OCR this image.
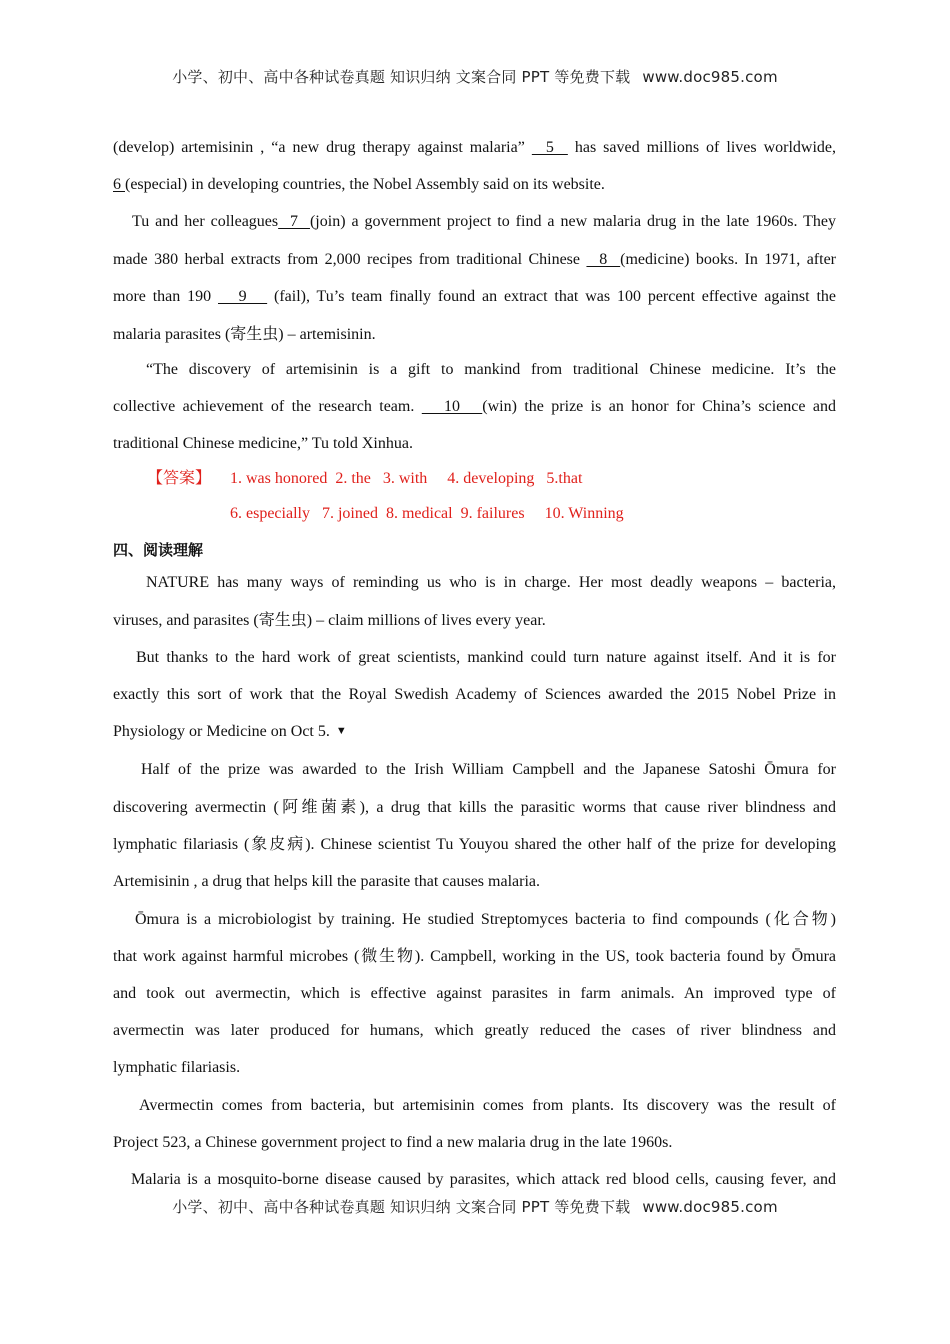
小学、初中、高中各种试卷真题 知识归纳 文案合同 PPT 等免费下载 www.doc985.com
(develop) artemisinin , “a new drug therapy against malaria”   5   has saved millions of lives worldwide,
6 (especial) in developing countries, the Nobel Assembly said on its website.
Tu and her colleagues  7  (join) a government project to find a new malaria drug in the late 1960s. They
made 380 herbal extracts from 2,000 recipes from traditional Chinese   8  (medicine) books. In 1971, after
more than 190    9    (fail), Tu’s team finally found an extract that was 100 percent effective against the
malaria parasites (寄生虫) – artemisinin.
“The discovery of artemisinin is a gift to mankind from traditional Chinese medicine. It’s the
collective achievement of the research team.    10   (win) the prize is an honor for China’s science and
traditional Chinese medicine,” Tu told Xinhua.
【答案】 1. was honored  2. the   3. with     4. developing   5.that
6. especially   7. joined  8. medical  9. failures     10. Winning
四、阅读理解
NATURE has many ways of reminding us who is in charge. Her most deadly weapons – bacteria,
viruses, and parasites (寄生虫) – claim millions of lives every year.
But thanks to the hard work of great scientists, mankind could turn nature against itself. And it is for
exactly this sort of work that the Royal Swedish Academy of Sciences awarded the 2015 Nobel Prize in
Physiology or Medicine on Oct 5. ▼
Half of the prize was awarded to the Irish William Campbell and the Japanese Satoshi Ōmura for
discovering avermectin (阿维菌素), a drug that kills the parasitic worms that cause river blindness and
lymphatic filariasis (象皮病). Chinese scientist Tu Youyou shared the other half of the prize for developing
Artemisinin , a drug that helps kill the parasite that causes malaria.
Ōmura is a microbiologist by training. He studied Streptomyces bacteria to find compounds (化合物)
that work against harmful microbes (微生物). Campbell, working in the US, took bacteria found by Ōmura
and took out avermectin, which is effective against parasites in farm animals. An improved type of
avermectin was later produced for humans, which greatly reduced the cases of river blindness and
lymphatic filariasis.
Avermectin comes from bacteria, but artemisinin comes from plants. Its discovery was the result of
Project 523, a Chinese government project to find a new malaria drug in the late 1960s.
Malaria is a mosquito-borne disease caused by parasites, which attack red blood cells, causing fever, and
小学、初中、高中各种试卷真题 知识归纳 文案合同 PPT 等免费下载 www.doc985.com
